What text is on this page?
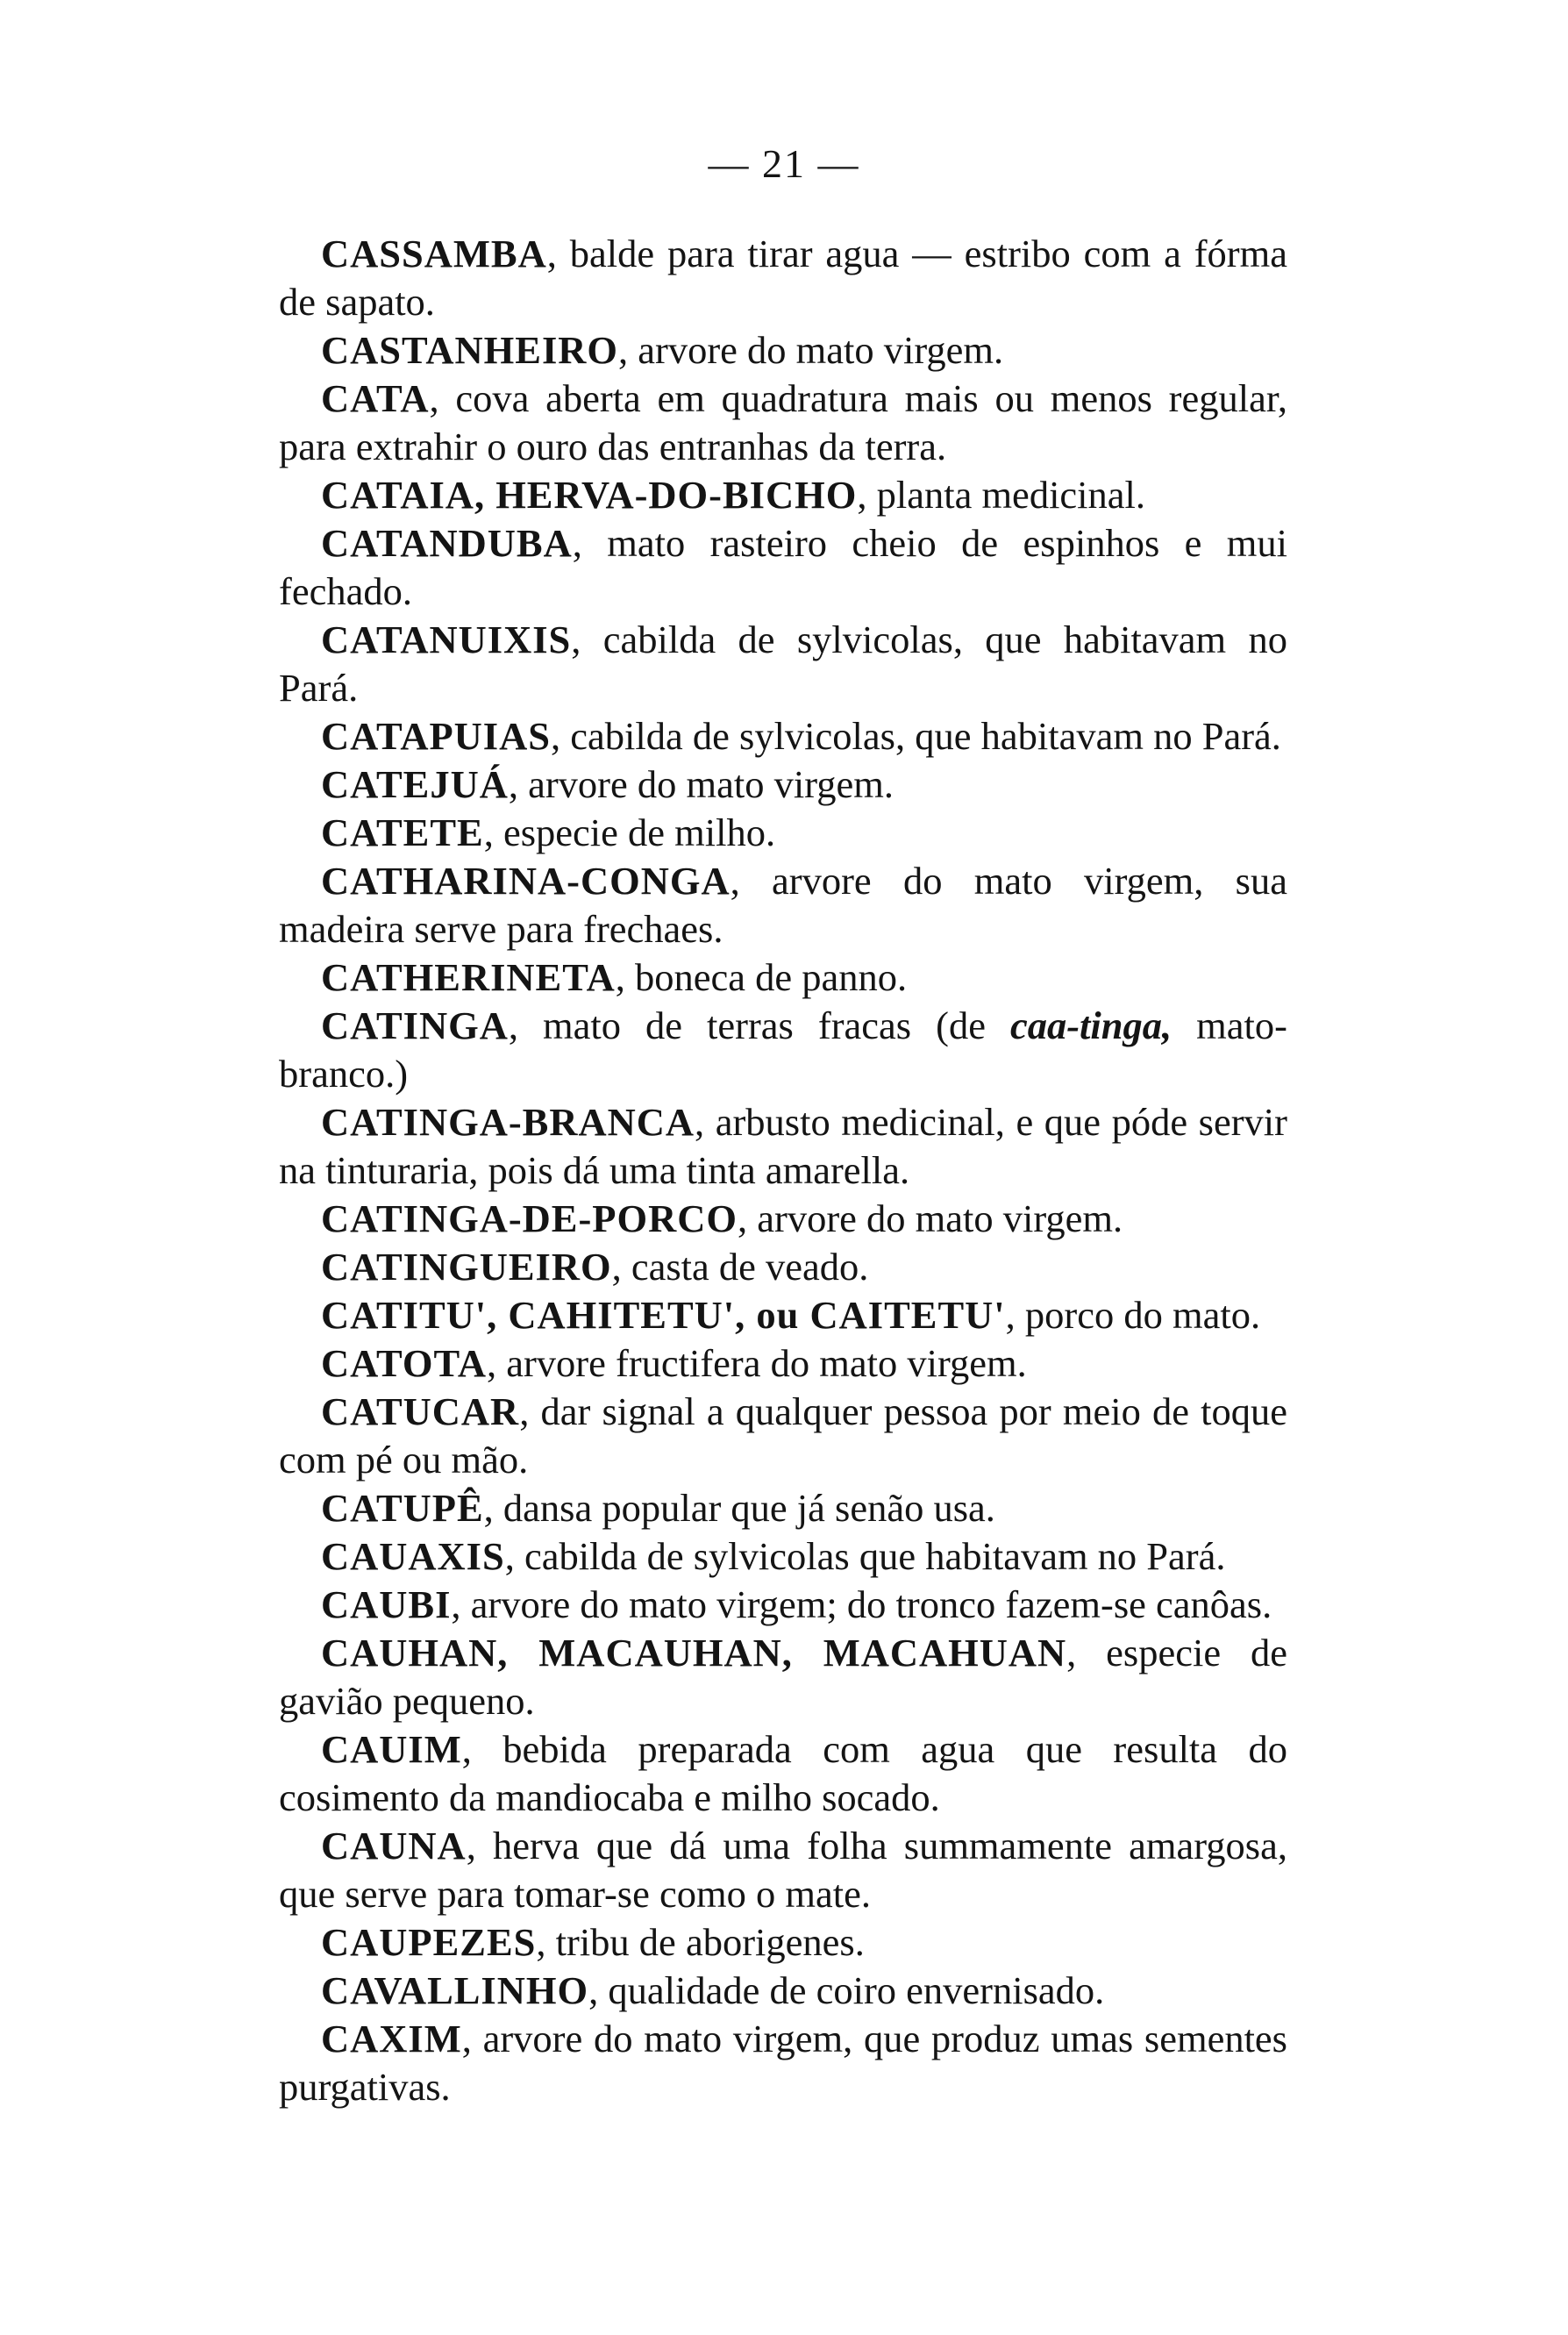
— 21 —

CASSAMBA, balde para tirar agua — estribo com a fórma de sapato.

CASTANHEIRO, arvore do mato virgem.

CATA, cova aberta em quadratura mais ou menos regular, para extrahir o ouro das entranhas da terra.

CATAIA, HERVA-DO-BICHO, planta medicinal.

CATANDUBA, mato rasteiro cheio de espinhos e mui fechado.

CATANUIXIS, cabilda de sylvicolas, que habitavam no Pará.

CATAPUIAS, cabilda de sylvicolas, que habitavam no Pará.

CATEJUÁ, arvore do mato virgem.

CATETE, especie de milho.

CATHARINA-CONGA, arvore do mato virgem, sua madeira serve para frechaes.

CATHERINETA, boneca de panno.

CATINGA, mato de terras fracas (de caa-tinga, mato-branco.)

CATINGA-BRANCA, arbusto medicinal, e que póde servir na tinturaria, pois dá uma tinta amarella.

CATINGA-DE-PORCO, arvore do mato virgem.

CATINGUEIRO, casta de veado.

CATITU', CAHITETU', ou CAITETU', porco do mato.

CATOTA, arvore fructifera do mato virgem.

CATUCAR, dar signal a qualquer pessoa por meio de toque com pé ou mão.

CATUPÊ, dansa popular que já senão usa.

CAUAXIS, cabilda de sylvicolas que habitavam no Pará.

CAUBI, arvore do mato virgem; do tronco fazem-se canôas.

CAUHAN, MACAUHAN, MACAHUAN, especie de gavião pequeno.

CAUIM, bebida preparada com agua que resulta do cosimento da mandiocaba e milho socado.

CAUNA, herva que dá uma folha summamente amargosa, que serve para tomar-se como o mate.

CAUPEZES, tribu de aborigenes.

CAVALLINHO, qualidade de coiro envernisado.

CAXIM, arvore do mato virgem, que produz umas sementes purgativas.
